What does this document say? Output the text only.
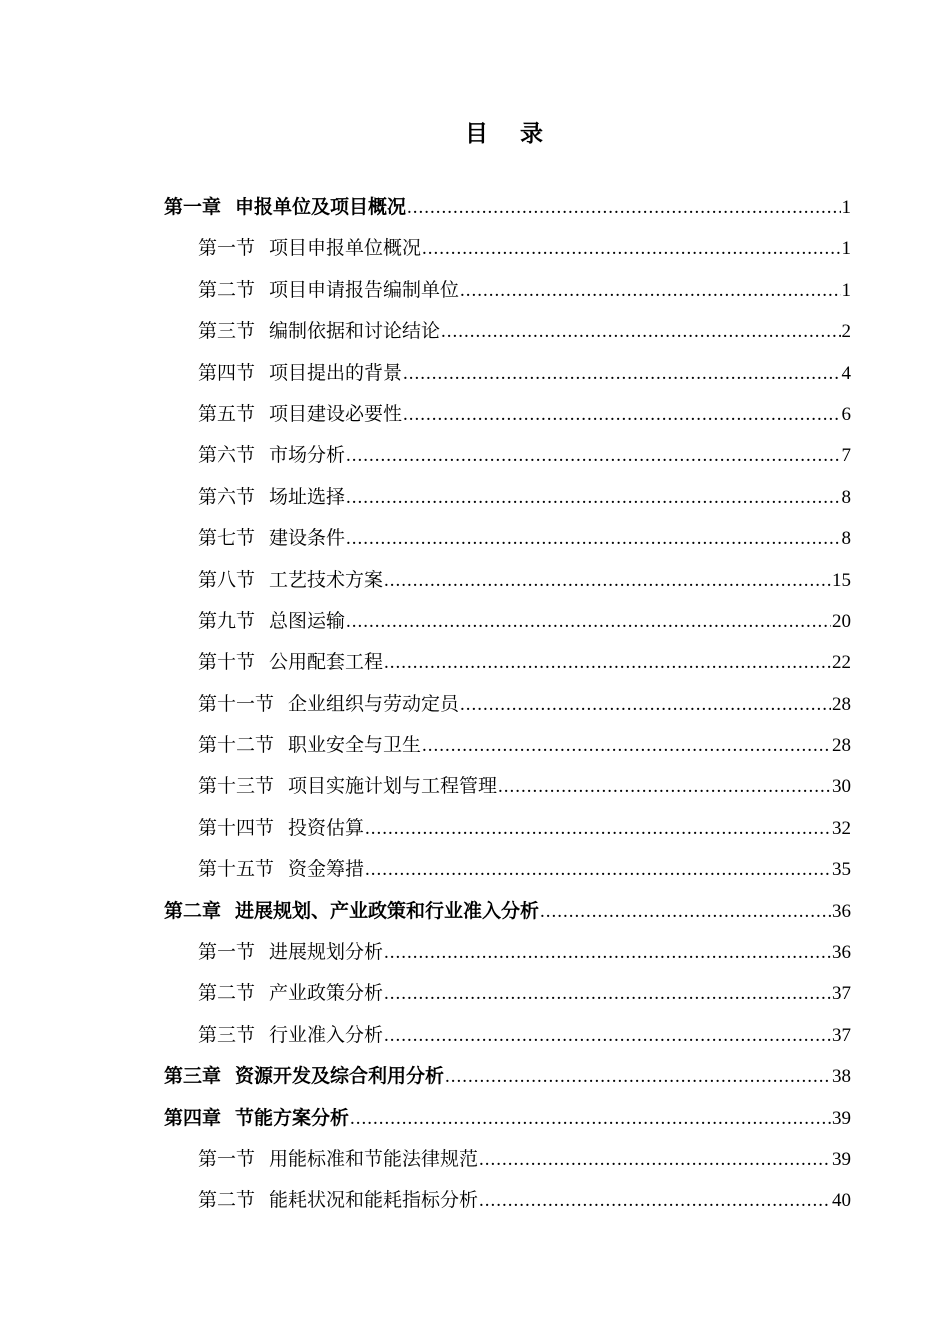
目 录
第一章 申报单位及项目概况 .....	1
第一节 项目申报单位概况 .....	1
第二节 项目申请报告编制单位 .....	1
第三节 编制依据和讨论结论 .....	2
第四节 项目提出的背景 .....	4
第五节 项目建设必要性 .....	6
第六节 市场分析 .....	7
第六节 场址选择 .....	8
第七节 建设条件 .....	8
第八节 工艺技术方案 .....	15
第九节 总图运输 .....	20
第十节 公用配套工程 .....	22
第十一节 企业组织与劳动定员 .....	28
第十二节 职业安全与卫生 .....	28
第十三节 项目实施计划与工程管理 .....	30
第十四节 投资估算 .....	32
第十五节 资金筹措 .....	35
第二章 进展规划、产业政策和行业准入分析 .....	36
第一节 进展规划分析 .....	36
第二节 产业政策分析 .....	37
第三节 行业准入分析 .....	37
第三章 资源开发及综合利用分析 .....	38
第四章 节能方案分析 .....	39
第一节 用能标准和节能法律规范 .....	39
第二节 能耗状况和能耗指标分析 .....	40
